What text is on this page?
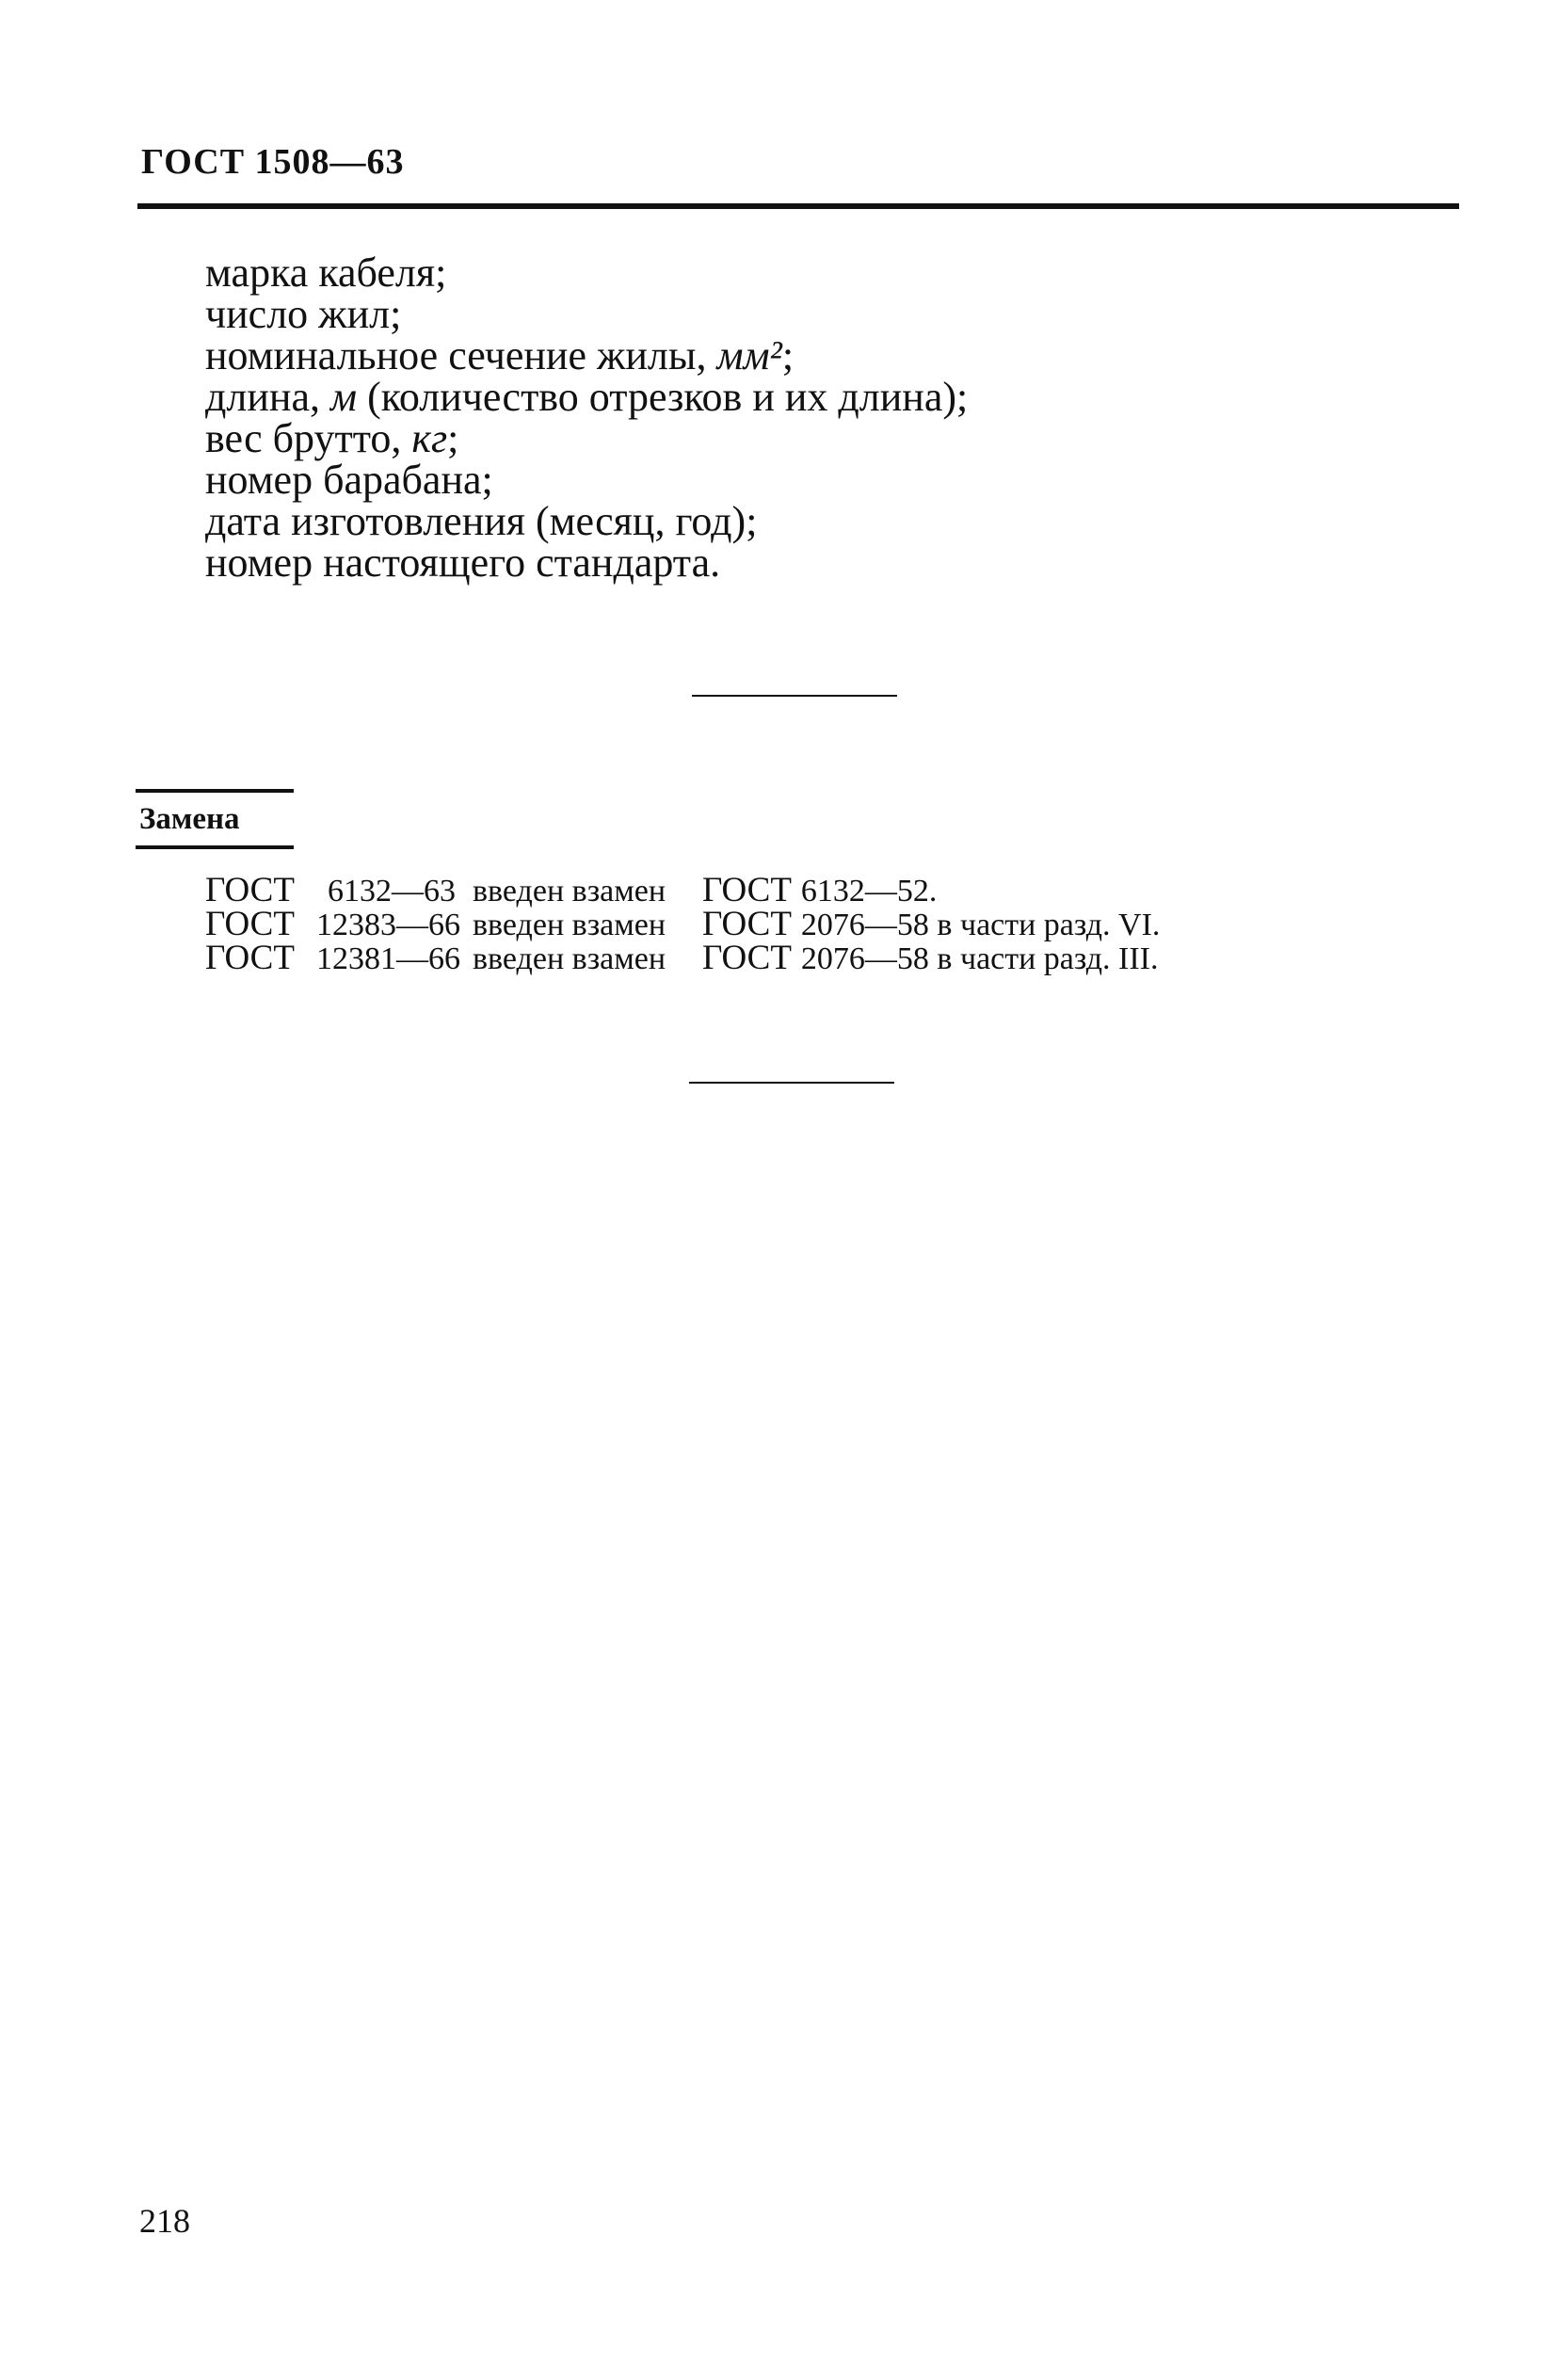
ГОСТ 1508—63
марка кабеля;
число жил;
номинальное сечение жилы, мм²;
длина, м (количество отрезков и их длина);
вес брутто, кг;
номер барабана;
дата изготовления (месяц, год);
номер настоящего стандарта.
Замена
ГОСТ 6132—63 введен взамен ГОСТ 6132—52.
ГОСТ 12383—66 введен взамен ГОСТ 2076—58 в части разд. VI.
ГОСТ 12381—66 введен взамен ГОСТ 2076—58 в части разд. III.
218
